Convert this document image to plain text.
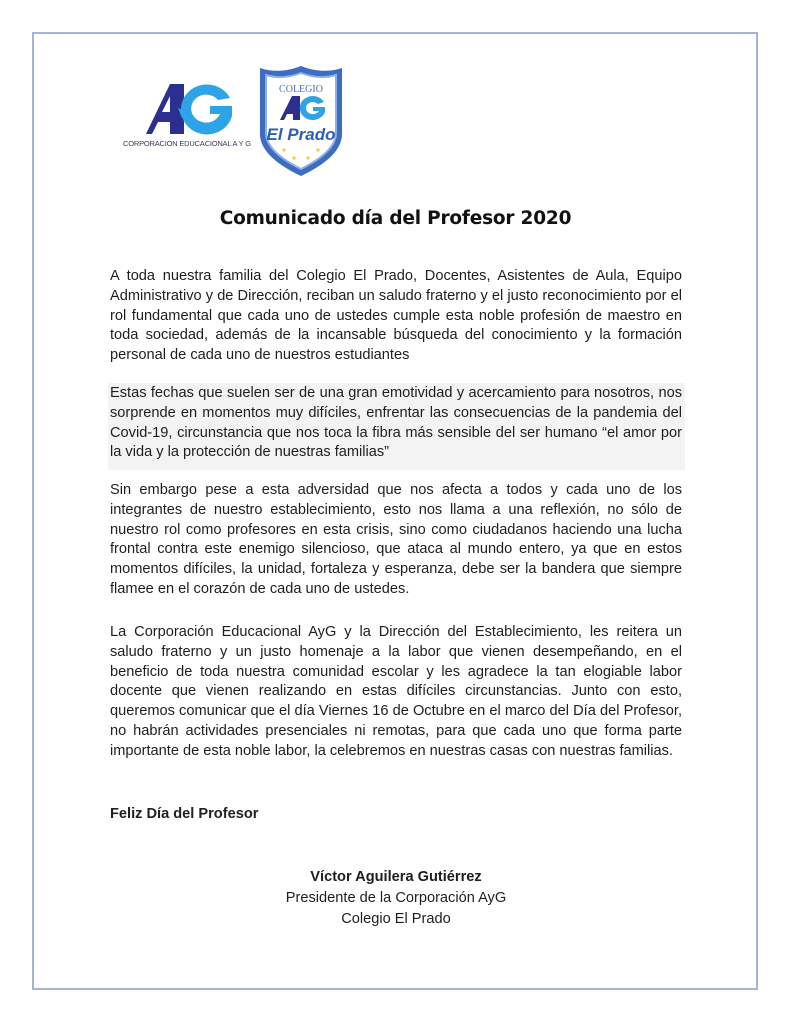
CORPORACION EDUCACIONAL A Y G
COLEGIO
El Prado
Comunicado día del Profesor 2020

A toda nuestra familia del Colegio El Prado, Docentes, Asistentes de Aula, Equipo Administrativo y de Dirección, reciban un saludo fraterno y el justo reconocimiento por el rol fundamental que cada uno de ustedes cumple esta noble profesión de maestro en toda sociedad, además de la incansable búsqueda del conocimiento y la formación personal de cada uno de nuestros estudiantes

Estas fechas que suelen ser de una gran emotividad y acercamiento para nosotros, nos sorprende en momentos muy difíciles, enfrentar las consecuencias de la pandemia del Covid-19, circunstancia que nos toca la fibra más sensible del ser humano “el amor por la vida y la protección de nuestras familias”

Sin embargo pese a esta adversidad que nos afecta a todos y cada uno de los integrantes de nuestro establecimiento, esto nos llama a una reflexión, no sólo de nuestro rol como profesores en esta crisis, sino como ciudadanos haciendo una lucha frontal contra este enemigo silencioso, que ataca al mundo entero, ya que en estos momentos difíciles, la unidad, fortaleza y esperanza, debe ser la bandera que siempre flamee en el corazón de cada uno de ustedes.

La Corporación Educacional AyG y la Dirección del Establecimiento, les reitera un saludo fraterno y un justo homenaje a la labor que vienen desempeñando, en el beneficio de toda nuestra comunidad escolar y les agradece la tan elogiable labor docente que vienen realizando en estas difíciles circunstancias. Junto con esto, queremos comunicar que el día Viernes 16 de Octubre en el marco del Día del Profesor, no habrán actividades presenciales ni remotas, para que cada uno que forma parte importante de esta noble labor, la celebremos en nuestras casas con nuestras familias.

Feliz Día del Profesor
Víctor Aguilera Gutiérrez
Presidente de la Corporación AyG
Colegio El Prado
